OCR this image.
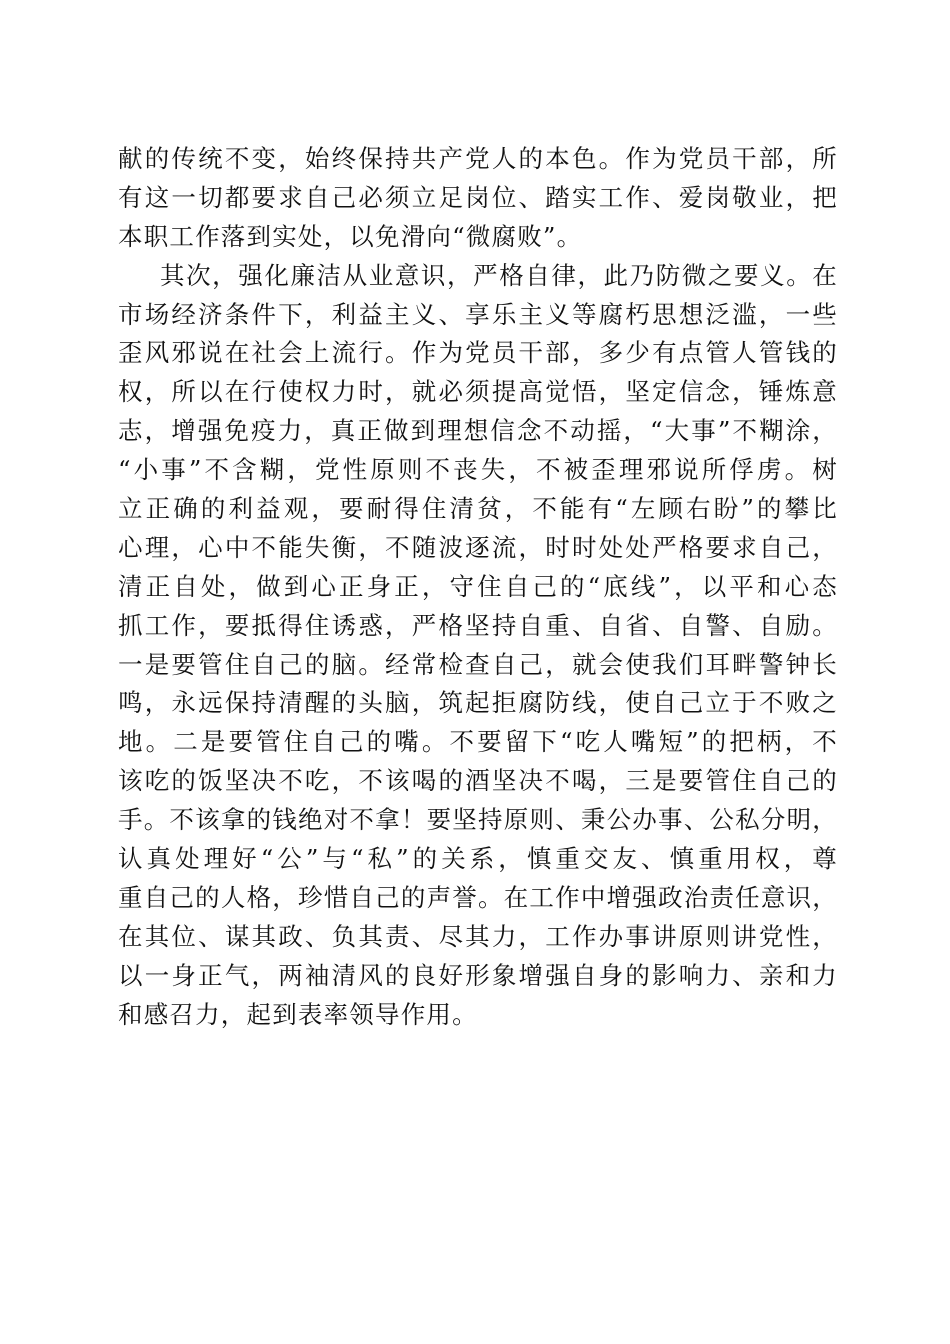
献的传统不变，始终保持共产党人的本色。作为党员干部，所
有这一切都要求自己必须立足岗位、踏实工作、爱岗敬业，把
本职工作落到实处，以免滑向“微腐败”。
其次，强化廉洁从业意识，严格自律，此乃防微之要义。在
市场经济条件下，利益主义、享乐主义等腐朽思想泛滥，一些
歪风邪说在社会上流行。作为党员干部，多少有点管人管钱的
权，所以在行使权力时，就必须提高觉悟，坚定信念，锤炼意
志，增强免疫力，真正做到理想信念不动摇，“大事”不糊涂，
“小事”不含糊，党性原则不丧失，不被歪理邪说所俘虏。树
立正确的利益观，要耐得住清贫，不能有“左顾右盼”的攀比
心理，心中不能失衡，不随波逐流，时时处处严格要求自己，
清正自处，做到心正身正，守住自己的“底线”，以平和心态
抓工作，要抵得住诱惑，严格坚持自重、自省、自警、自励。
一是要管住自己的脑。经常检查自己，就会使我们耳畔警钟长
鸣，永远保持清醒的头脑，筑起拒腐防线，使自己立于不败之
地。二是要管住自己的嘴。不要留下“吃人嘴短”的把柄，不
该吃的饭坚决不吃，不该喝的酒坚决不喝，三是要管住自己的
手。不该拿的钱绝对不拿！要坚持原则、秉公办事、公私分明，
认真处理好“公”与“私”的关系，慎重交友、慎重用权，尊
重自己的人格，珍惜自己的声誉。在工作中增强政治责任意识，
在其位、谋其政、负其责、尽其力，工作办事讲原则讲党性，
以一身正气，两袖清风的良好形象增强自身的影响力、亲和力
和感召力，起到表率领导作用。
